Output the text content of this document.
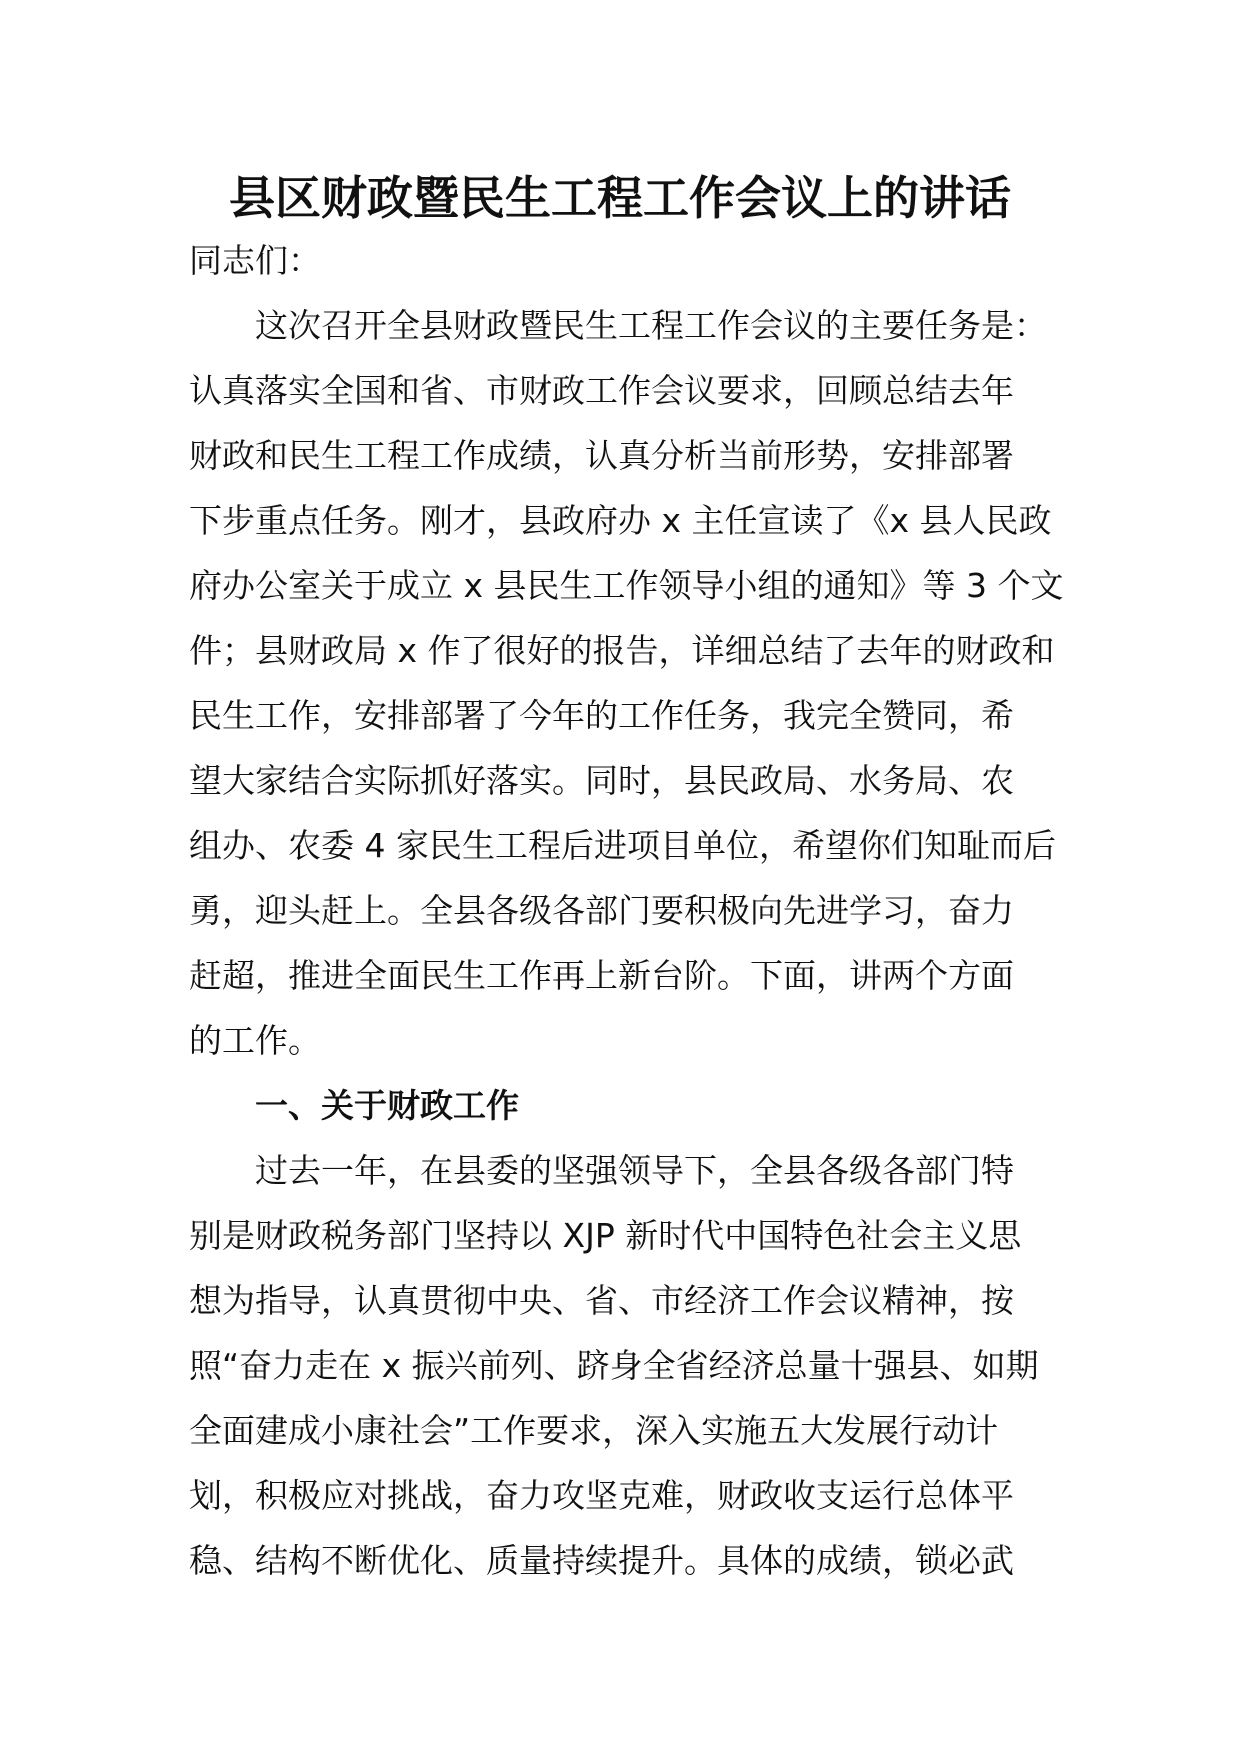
县区财政暨民生工程工作会议上的讲话
同志们：
这次召开全县财政暨民生工程工作会议的主要任务是：
认真落实全国和省、市财政工作会议要求，回顾总结去年
财政和民生工程工作成绩，认真分析当前形势，安排部署
下步重点任务。刚才，县政府办 x 主任宣读了《x 县人民政
府办公室关于成立 x 县民生工作领导小组的通知》等 3 个文
件；县财政局 x 作了很好的报告，详细总结了去年的财政和
民生工作，安排部署了今年的工作任务，我完全赞同，希
望大家结合实际抓好落实。同时，县民政局、水务局、农
组办、农委 4 家民生工程后进项目单位，希望你们知耻而后
勇，迎头赶上。全县各级各部门要积极向先进学习，奋力
赶超，推进全面民生工作再上新台阶。下面，讲两个方面
的工作。
一、关于财政工作
过去一年，在县委的坚强领导下，全县各级各部门特
别是财政税务部门坚持以 XJP 新时代中国特色社会主义思
想为指导，认真贯彻中央、省、市经济工作会议精神，按
照“奋力走在 x 振兴前列、跻身全省经济总量十强县、如期
全面建成小康社会”工作要求，深入实施五大发展行动计
划，积极应对挑战，奋力攻坚克难，财政收支运行总体平
稳、结构不断优化、质量持续提升。具体的成绩，锁必武
